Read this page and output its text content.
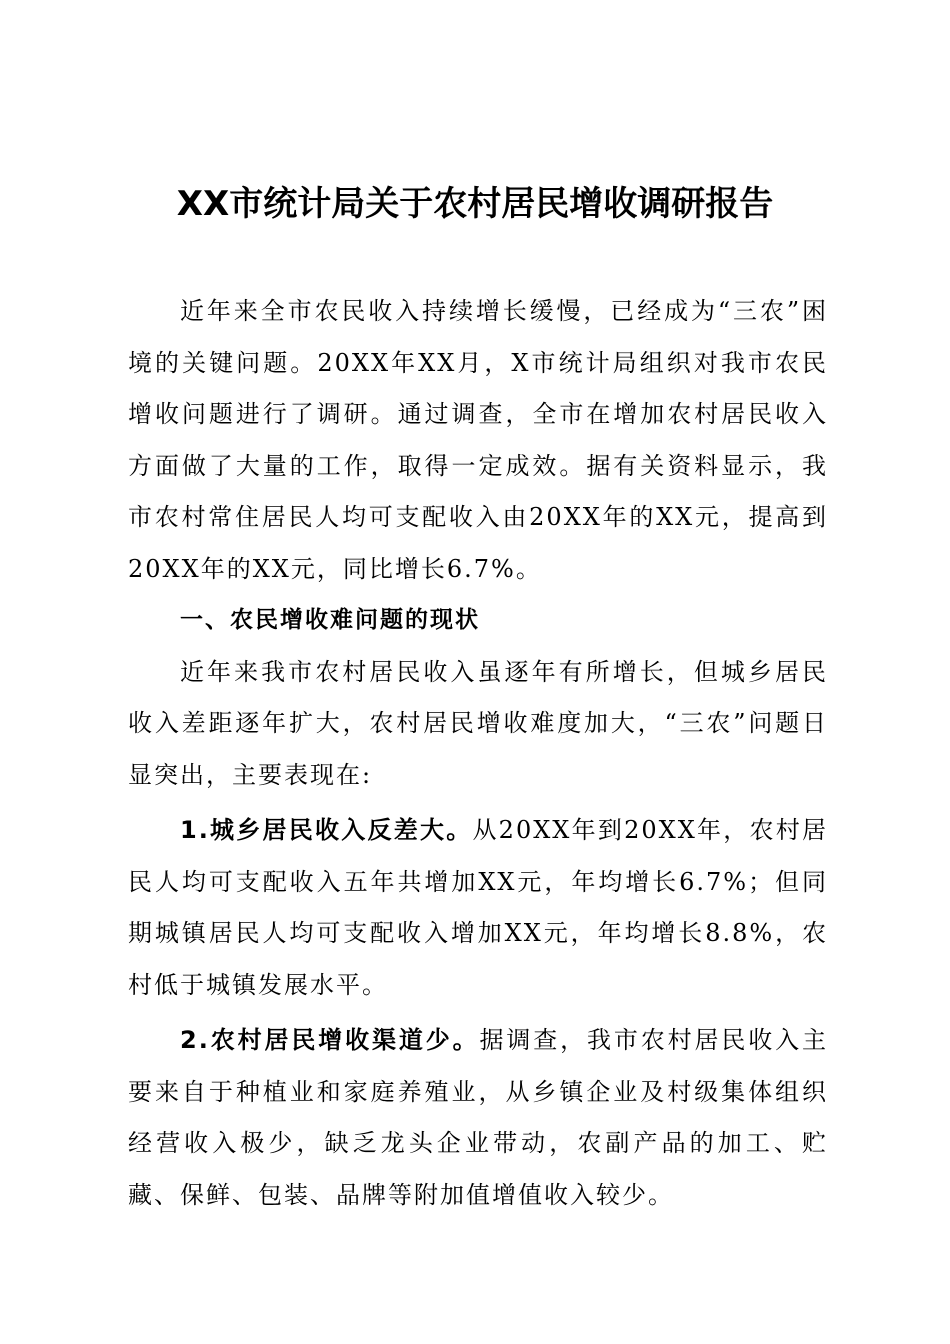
XX市统计局关于农村居民增收调研报告

近年来全市农民收入持续增长缓慢，已经成为“三农”困境的关键问题。20XX年XX月，X市统计局组织对我市农民增收问题进行了调研。通过调查，全市在增加农村居民收入方面做了大量的工作，取得一定成效。据有关资料显示，我市农村常住居民人均可支配收入由20XX年的XX元，提高到20XX年的XX元，同比增长6.7%。

一、农民增收难问题的现状

近年来我市农村居民收入虽逐年有所增长，但城乡居民收入差距逐年扩大，农村居民增收难度加大，“三农”问题日显突出，主要表现在:

1.城乡居民收入反差大。从20XX年到20XX年，农村居民人均可支配收入五年共增加XX元，年均增长6.7%；但同期城镇居民人均可支配收入增加XX元，年均增长8.8%，农村低于城镇发展水平。

2.农村居民增收渠道少。据调查，我市农村居民收入主要来自于种植业和家庭养殖业，从乡镇企业及村级集体组织经营收入极少，缺乏龙头企业带动，农副产品的加工、贮藏、保鲜、包装、品牌等附加值增值收入较少。
